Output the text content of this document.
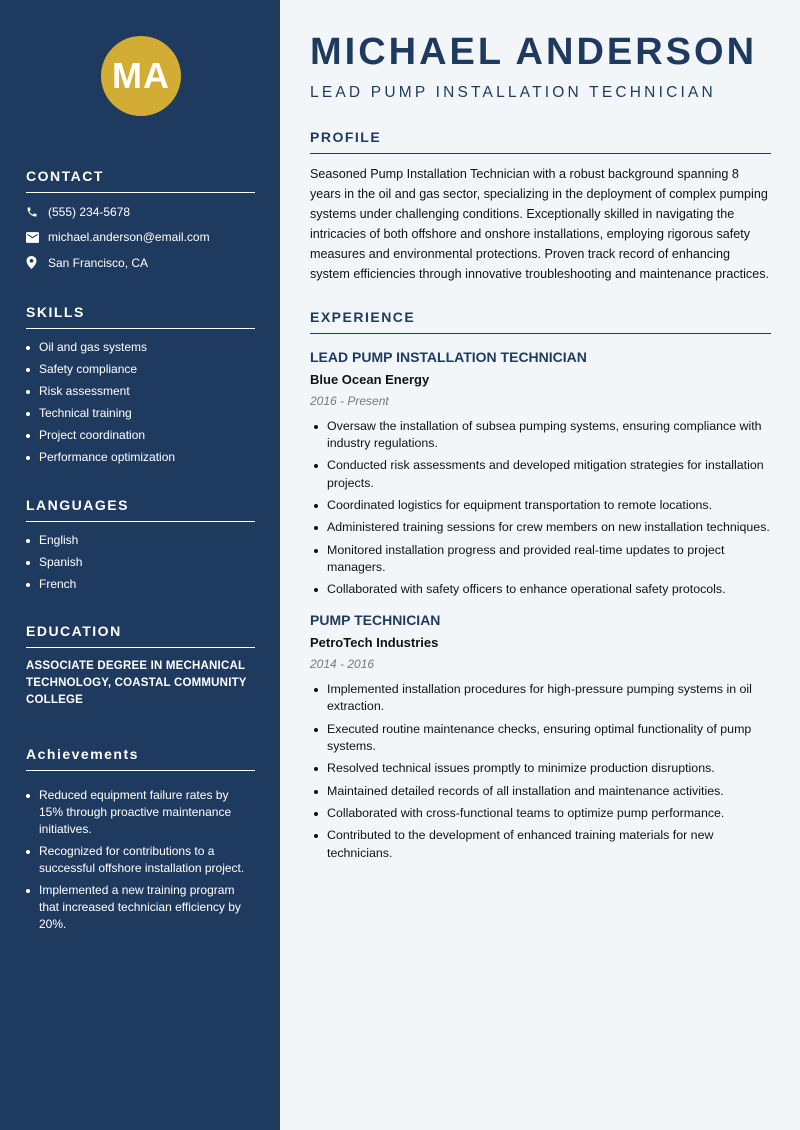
MA
CONTACT
(555) 234-5678
michael.anderson@email.com
San Francisco, CA
SKILLS
Oil and gas systems
Safety compliance
Risk assessment
Technical training
Project coordination
Performance optimization
LANGUAGES
English
Spanish
French
EDUCATION
ASSOCIATE DEGREE IN MECHANICAL TECHNOLOGY, COASTAL COMMUNITY COLLEGE
Achievements
Reduced equipment failure rates by 15% through proactive maintenance initiatives.
Recognized for contributions to a successful offshore installation project.
Implemented a new training program that increased technician efficiency by 20%.
MICHAEL ANDERSON
LEAD PUMP INSTALLATION TECHNICIAN
PROFILE
Seasoned Pump Installation Technician with a robust background spanning 8 years in the oil and gas sector, specializing in the deployment of complex pumping systems under challenging conditions. Exceptionally skilled in navigating the intricacies of both offshore and onshore installations, employing rigorous safety measures and environmental protections. Proven track record of enhancing system efficiencies through innovative troubleshooting and maintenance practices.
EXPERIENCE
LEAD PUMP INSTALLATION TECHNICIAN
Blue Ocean Energy
2016 - Present
Oversaw the installation of subsea pumping systems, ensuring compliance with industry regulations.
Conducted risk assessments and developed mitigation strategies for installation projects.
Coordinated logistics for equipment transportation to remote locations.
Administered training sessions for crew members on new installation techniques.
Monitored installation progress and provided real-time updates to project managers.
Collaborated with safety officers to enhance operational safety protocols.
PUMP TECHNICIAN
PetroTech Industries
2014 - 2016
Implemented installation procedures for high-pressure pumping systems in oil extraction.
Executed routine maintenance checks, ensuring optimal functionality of pump systems.
Resolved technical issues promptly to minimize production disruptions.
Maintained detailed records of all installation and maintenance activities.
Collaborated with cross-functional teams to optimize pump performance.
Contributed to the development of enhanced training materials for new technicians.
